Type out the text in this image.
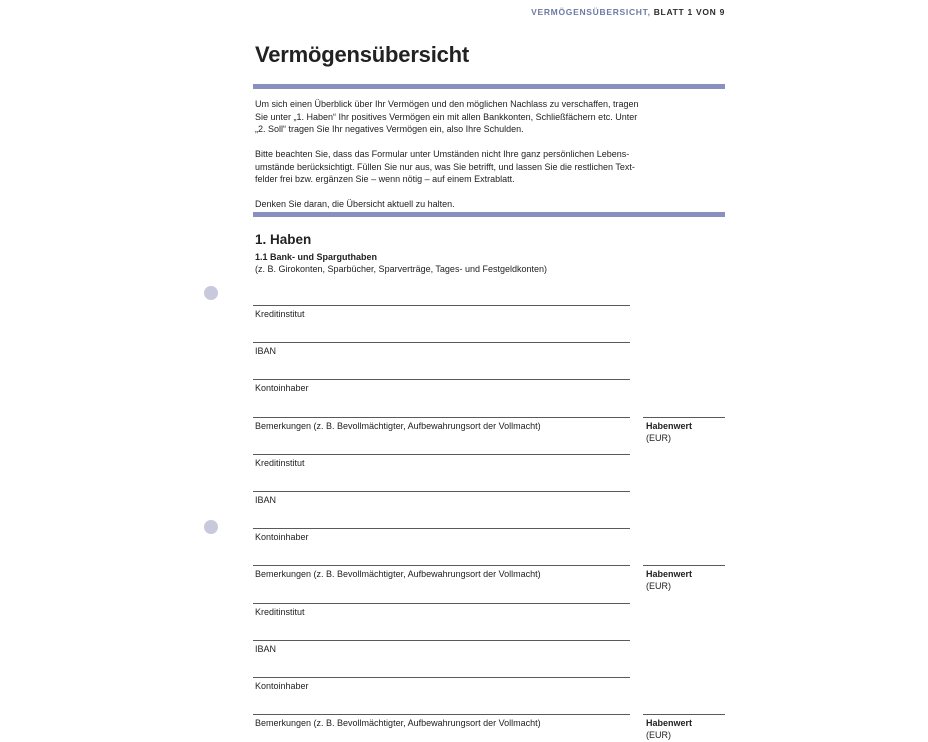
VERMÖGENSÜBERSICHT, BLATT 1 VON 9
Vermögensübersicht

Um sich einen Überblick über Ihr Vermögen und den möglichen Nachlass zu verschaffen, tragen
Sie unter „1. Haben“ Ihr positives Vermögen ein mit allen Bankkonten, Schließfächern etc. Unter
„2. Soll“ tragen Sie Ihr negatives Vermögen ein, also Ihre Schulden.

Bitte beachten Sie, dass das Formular unter Umständen nicht Ihre ganz persönlichen Lebens-
umstände berücksichtigt. Füllen Sie nur aus, was Sie betrifft, und lassen Sie die restlichen Text-
felder frei bzw. ergänzen Sie – wenn nötig – auf einem Extrablatt.

Denken Sie daran, die Übersicht aktuell zu halten.

1. Haben
1.1 Bank- und Sparguthaben
(z. B. Girokonten, Sparbücher, Sparverträge, Tages- und Festgeldkonten)
Kreditinstitut
IBAN
Kontoinhaber
Bemerkungen (z. B. Bevollmächtigter, Aufbewahrungsort der Vollmacht)	Habenwert
(EUR)
Kreditinstitut
IBAN
Kontoinhaber
Bemerkungen (z. B. Bevollmächtigter, Aufbewahrungsort der Vollmacht)	Habenwert
(EUR)
Kreditinstitut
IBAN
Kontoinhaber
Bemerkungen (z. B. Bevollmächtigter, Aufbewahrungsort der Vollmacht)	Habenwert
(EUR)
